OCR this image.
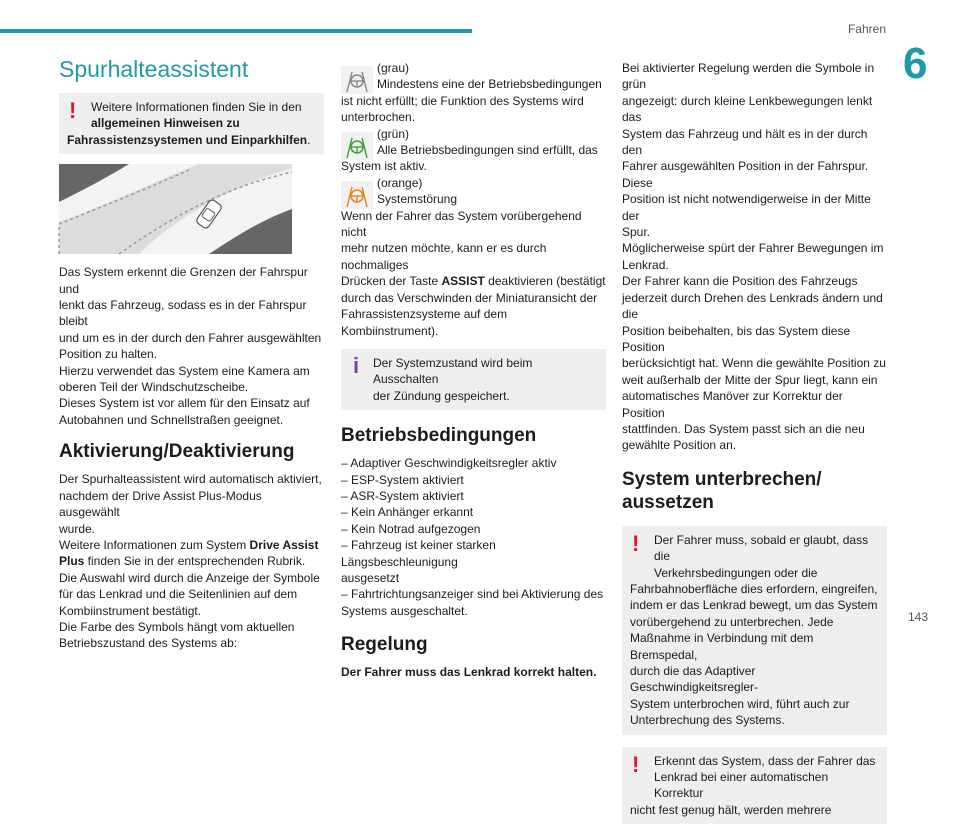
Fahren
6
143
Spurhalteassistent
!	Weitere Informationen finden Sie in den
allgemeinen Hinweisen zu
Fahrassistenzsystemen und Einparkhilfen.

Das System erkennt die Grenzen der Fahrspur und

lenkt das Fahrzeug, sodass es in der Fahrspur bleibt

und um es in der durch den Fahrer ausgewählten

Position zu halten.

Hierzu verwendet das System eine Kamera am

oberen Teil der Windschutzscheibe.

Dieses System ist vor allem für den Einsatz auf

Autobahnen und Schnellstraßen geeignet.

Aktivierung/Deaktivierung

Der Spurhalteassistent wird automatisch aktiviert,

nachdem der Drive Assist Plus-Modus ausgewählt

wurde.

Weitere Informationen zum System Drive Assist

Plus finden Sie in der entsprechenden Rubrik.

Die Auswahl wird durch die Anzeige der Symbole

für das Lenkrad und die Seitenlinien auf dem

Kombiinstrument bestätigt.

Die Farbe des Symbols hängt vom aktuellen

Betriebszustand des Systems ab:

(grau)

Mindestens eine der Betriebsbedingungen

ist nicht erfüllt; die Funktion des Systems wird

unterbrochen.

(grün)

Alle Betriebsbedingungen sind erfüllt, das

System ist aktiv.

(orange)

Systemstörung

Wenn der Fahrer das System vorübergehend nicht

mehr nutzen möchte, kann er es durch nochmaliges

Drücken der Taste ASSIST deaktivieren (bestätigt

durch das Verschwinden der Miniaturansicht der

Fahrassistenzsysteme auf dem Kombiinstrument).

i	Der Systemzustand wird beim Ausschalten
der Zündung gespeichert.
Betriebsbedingungen

– Adaptiver Geschwindigkeitsregler aktiv

– ESP-System aktiviert

– ASR-System aktiviert

– Kein Anhänger erkannt

– Kein Notrad aufgezogen

– Fahrzeug ist keiner starken Längsbeschleunigung

ausgesetzt

– Fahrtrichtungsanzeiger sind bei Aktivierung des

Systems ausgeschaltet.

Regelung

Der Fahrer muss das Lenkrad korrekt halten.

Bei aktivierter Regelung werden die Symbole in grün

angezeigt: durch kleine Lenkbewegungen lenkt das

System das Fahrzeug und hält es in der durch den

Fahrer ausgewählten Position in der Fahrspur. Diese

Position ist nicht notwendigerweise in der Mitte der

Spur.

Möglicherweise spürt der Fahrer Bewegungen im

Lenkrad.

Der Fahrer kann die Position des Fahrzeugs

jederzeit durch Drehen des Lenkrads ändern und die

Position beibehalten, bis das System diese Position

berücksichtigt hat. Wenn die gewählte Position zu

weit außerhalb der Mitte der Spur liegt, kann ein

automatisches Manöver zur Korrektur der Position

stattfinden. Das System passt sich an die neu

gewählte Position an.

System unterbrechen/
aussetzen
!	Der Fahrer muss, sobald er glaubt, dass die
Verkehrsbedingungen oder die
Fahrbahnoberfläche dies erfordern, eingreifen,
indem er das Lenkrad bewegt, um das System
vorübergehend zu unterbrechen. Jede
Maßnahme in Verbindung mit dem Bremspedal,
durch die das Adaptiver Geschwindigkeitsregler-
System unterbrochen wird, führt auch zur
Unterbrechung des Systems.
!	Erkennt das System, dass der Fahrer das
Lenkrad bei einer automatischen Korrektur
nicht fest genug hält, werden mehrere
